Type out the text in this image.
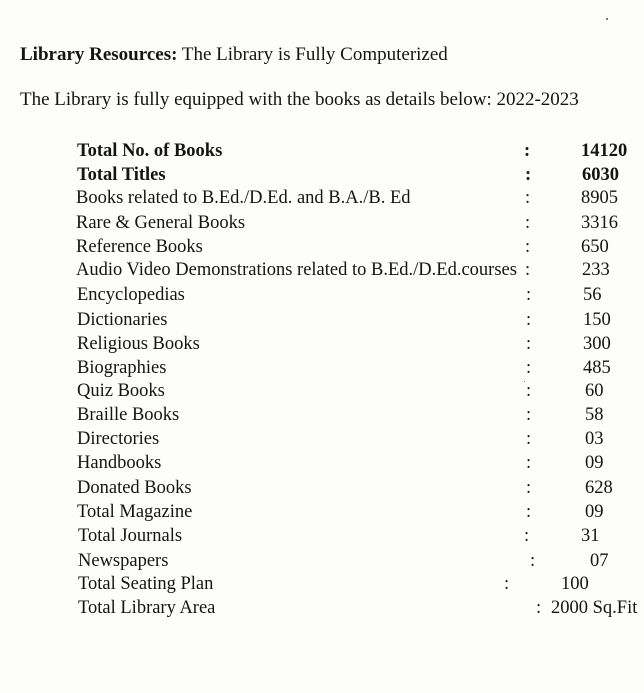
Library Resources: The Library is Fully Computerized
The Library is fully equipped with the books as details below: 2022-2023
Total No. of Books	:	14120
Total Titles	:	6030
Books related to B.Ed./D.Ed. and B.A./B. Ed	:	8905
Rare & General Books	:	3316
Reference Books	:	650
Audio Video Demonstrations related to B.Ed./D.Ed.courses :	233
Encyclopedias	:	56
Dictionaries	:	150
Religious Books	:	300
Biographies	:	485
Quiz Books	:	60
Braille Books	:	58
Directories	:	03
Handbooks	:	09
Donated Books	:	628
Total Magazine	:	09
Total Journals	:	31
Newspapers	:	07
Total Seating Plan	:	100
Total Library Area	: 2000 Sq.Fit
